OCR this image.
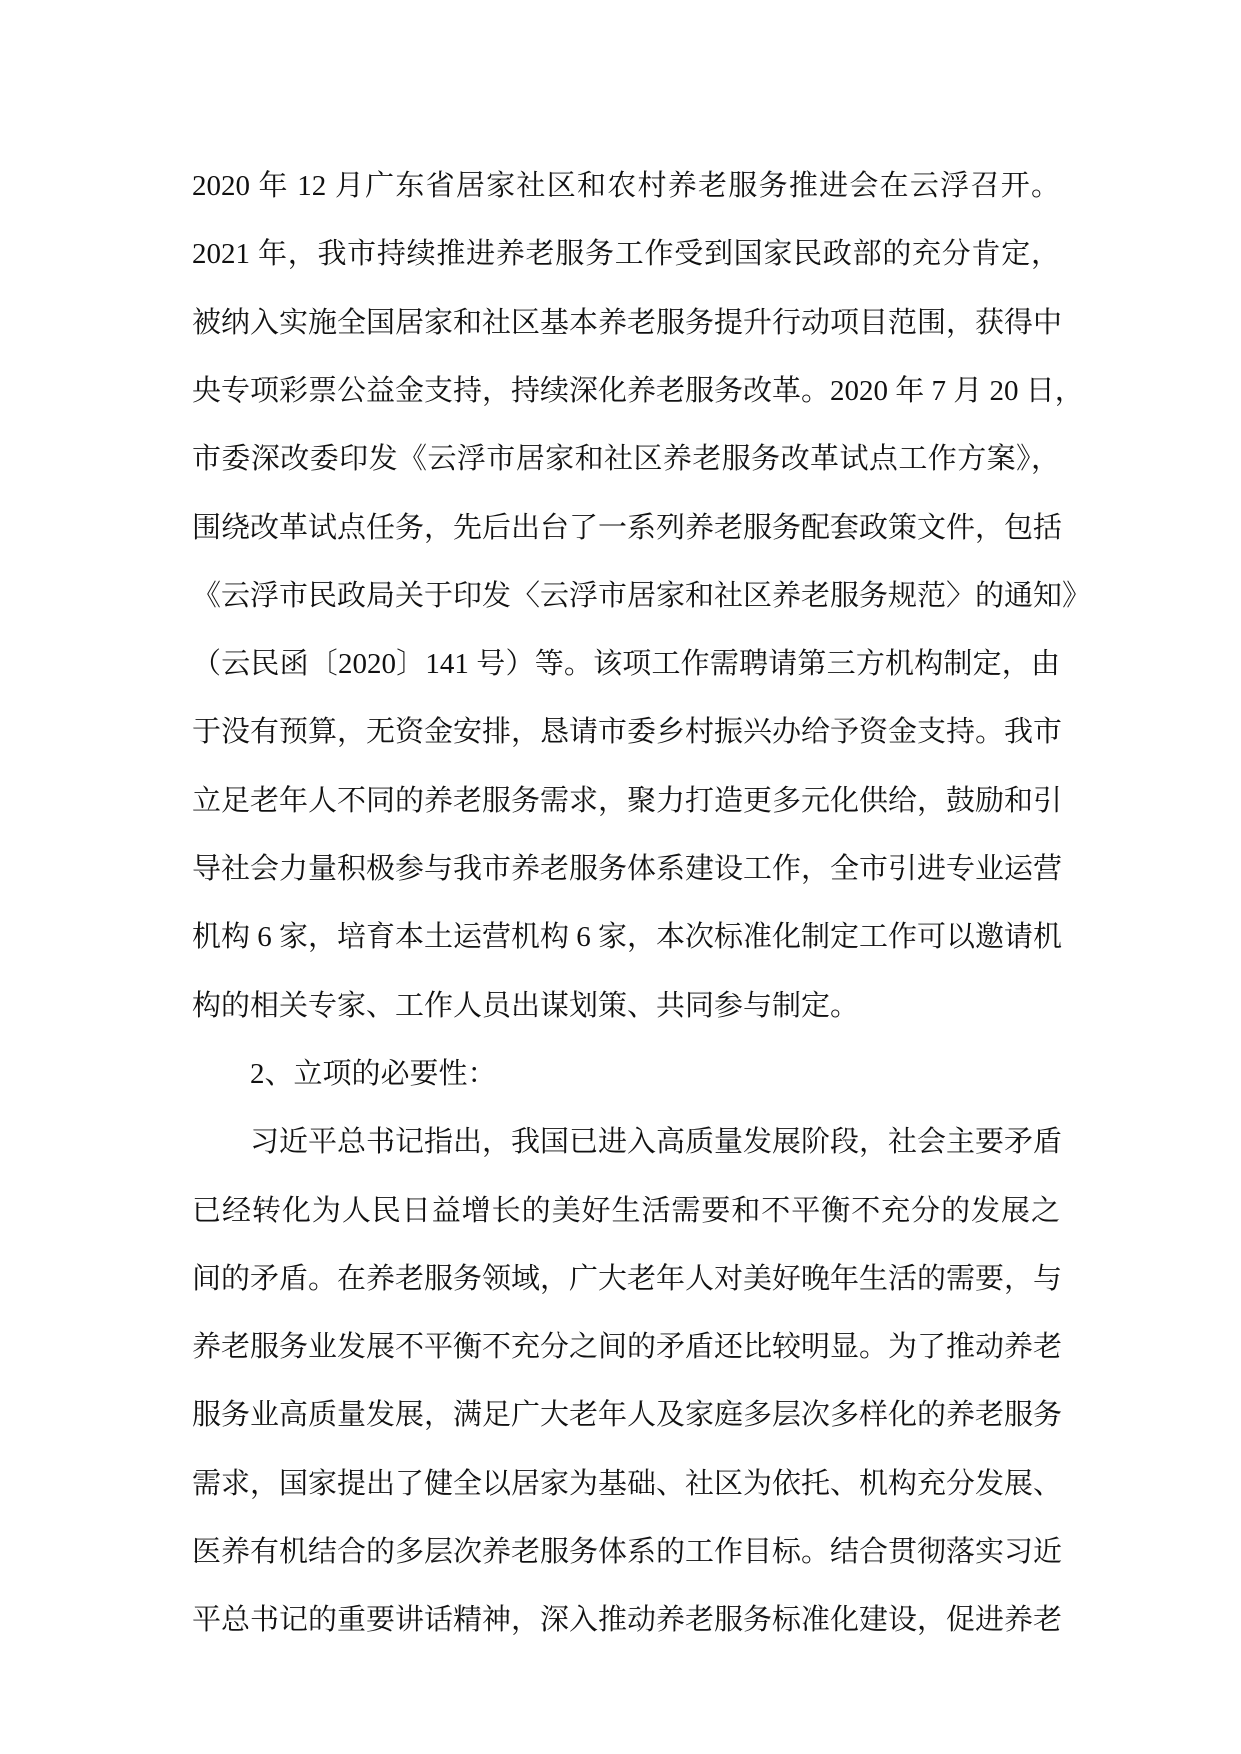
2020 年 12 月广东省居家社区和农村养老服务推进会在云浮召开。
2021 年，我市持续推进养老服务工作受到国家民政部的充分肯定，
被纳入实施全国居家和社区基本养老服务提升行动项目范围，获得中
央专项彩票公益金支持，持续深化养老服务改革。2020 年 7 月 20 日，
市委深改委印发《云浮市居家和社区养老服务改革试点工作方案》，
围绕改革试点任务，先后出台了一系列养老服务配套政策文件，包括
《云浮市民政局关于印发〈云浮市居家和社区养老服务规范〉的通知》
（云民函〔2020〕141 号）等。该项工作需聘请第三方机构制定，由
于没有预算，无资金安排，恳请市委乡村振兴办给予资金支持。我市
立足老年人不同的养老服务需求，聚力打造更多元化供给，鼓励和引
导社会力量积极参与我市养老服务体系建设工作，全市引进专业运营
机构 6 家，培育本土运营机构 6 家，本次标准化制定工作可以邀请机
构的相关专家、工作人员出谋划策、共同参与制定。
2、立项的必要性：
习近平总书记指出，我国已进入高质量发展阶段，社会主要矛盾
已经转化为人民日益增长的美好生活需要和不平衡不充分的发展之
间的矛盾。在养老服务领域，广大老年人对美好晚年生活的需要，与
养老服务业发展不平衡不充分之间的矛盾还比较明显。为了推动养老
服务业高质量发展，满足广大老年人及家庭多层次多样化的养老服务
需求，国家提出了健全以居家为基础、社区为依托、机构充分发展、
医养有机结合的多层次养老服务体系的工作目标。结合贯彻落实习近
平总书记的重要讲话精神，深入推动养老服务标准化建设，促进养老
